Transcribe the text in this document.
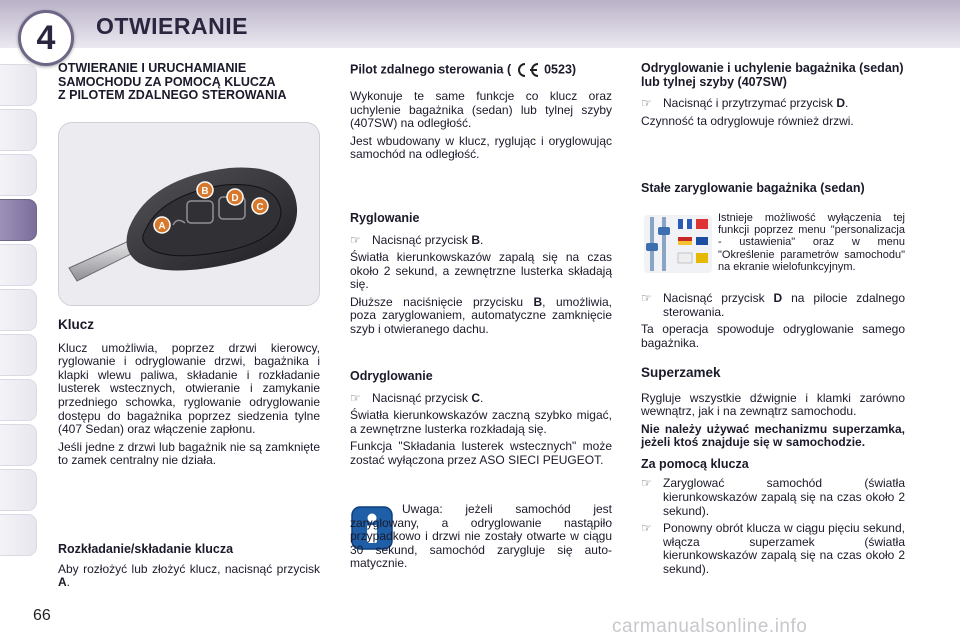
4	OTWIERANIE

OTWIERANIE I URUCHAMIANIE

SAMOCHODU ZA POMOCĄ KLUCZA

Z PILOTEM ZDALNEGO STEROWANIA

A
B
C
D

Klucz

Klucz umożliwia, poprzez drzwi kierowcy, ryglowanie i odryglowanie drzwi, bagażnika i klapki wlewu paliwa, składanie i rozkładanie lusterek wstecznych, otwieranie i zamykanie przedniego schowka, ryglowanie odryglowanie dostępu do bagażnika poprzez siedzenia tylne (407 Sedan) oraz włączenie zapłonu.

Jeśli jedne z drzwi lub bagażnik nie są zamknięte to zamek centralny nie działa.

Rozkładanie/składanie klucza

Aby rozłożyć lub złożyć klucz, nacisnąć przycisk A.

Pilot zdalnego sterowania (	0523)

Wykonuje te same funkcje co klucz oraz uchylenie bagażnika (sedan) lub tylnej szyby (407SW) na odległość.

Jest wbudowany w klucz, ryglując i oryglowując samochód na odległość.

Ryglowanie

☞ Nacisnąć przycisk B.

Światła kierunkowskazów zapalą się na czas około 2 sekund, a zewnętrzne lusterka składają się.

Dłuższe naciśnięcie przycisku B, umożliwia, poza zaryglowaniem, automatyczne zamknięcie szyb i otwieranego dachu.

Odryglowanie

☞ Nacisnąć przycisk C.

Światła kierunkowskazów zaczną szybko migać, a zewnętrzne lusterka rozkładają się.

Funkcja "Składania lusterek wstecznych" może zostać wyłączona przez ASO SIECI PEUGEOT.

Uwaga: jeżeli samochód jest zaryglowany, a odryglowanie nastąpiło przypadkowo i drzwi nie zostały otwarte w ciągu 30 sekund, samochód zarygluje się automatycznie.

Odryglowanie i uchylenie bagażnika (sedan) lub tylnej szyby (407SW)

☞ Nacisnąć i przytrzymać przycisk D.

Czynność ta odryglowuje również drzwi.

Stałe zaryglowanie bagażnika (sedan)

Istnieje możliwość wyłączenia tej funkcji poprzez menu "personalizacja - ustawienia" oraz w menu "Określenie parametrów samochodu" na ekranie wielofunkcyjnym.

☞ Nacisnąć przycisk D na pilocie zdalnego sterowania.

Ta operacja spowoduje odryglowanie samego bagażnika.

Superzamek

Rygluje wszystkie dźwignie i klamki zarówno wewnątrz, jak i na zewnątrz samochodu.

Nie należy używać mechanizmu superzamka, jeżeli ktoś znajduje się w samochodzie.

Za pomocą klucza

☞ Zaryglować samochód (światła kierunkowskazów zapalą się na czas około 2 sekund).
☞ Ponowny obrót klucza w ciągu pięciu sekund, włącza superzamek (światła kierunkowskazów zapalą się na czas około 2 sekund).
66
carmanualsonline.info
